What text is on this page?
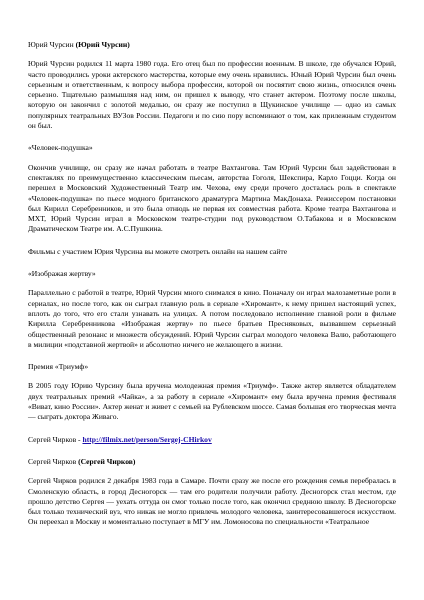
Юрий Чурсин (Юрий Чурсин)

Юрий Чурсин родился 11 марта 1980 года. Его отец был по профессии военным. В школе, где обучался Юрий, часто проводились уроки актерского мастерства, которые ему очень нравились. Юный Юрий Чурсин был очень серьезным и ответственным, к вопросу выбора профессии, которой он посвятит свою жизнь, относился очень серьезно. Тщательно размышляя над ним, он пришел к выводу, что станет актером. Поэтому после школы, которую он закончил с золотой медалью, он сразу же поступил в Щукинское училище — одно из самых популярных театральных ВУЗов России. Педагоги и по сию пору вспоминают о том, как прилежным студентом он был.

«Человек-подушка»

Окончив училище, он сразу же начал работать в театре Вахтангова. Там Юрий Чурсин был задействован в спектаклях по преимущественно классическим пьесам, авторства Гоголя, Шекспира, Карло Гоцци. Когда он перешел в Московский Художественный Театр им. Чехова, ему среди прочего досталась роль в спектакле «Человек-подушка» по пьесе модного британского драматурга Мартина МакДонаха. Режиссером постановки был Кирилл Серебренников, и это была отнюдь не первая их совместная работа. Кроме театра Вахтангова и МХТ, Юрий Чурсин играл в Московском театре-студии под руководством О.Табакова и в Московском Драматическом Театре им. А.С.Пушкина.

Фильмы с участием Юрия Чурсина вы можете смотреть онлайн на нашем сайте

«Изображая жертву»

Параллельно с работой в театре, Юрий Чурсин много снимался в кино. Поначалу он играл малозаметные роли в сериалах, но после того, как он сыграл главную роль в сериале «Хиромант», к нему пришел настоящий успех, вплоть до того, что его стали узнавать на улицах. А потом последовало исполнение главной роли в фильме Кирилла Серебренникова «Изображая жертву» по пьесе братьев Пресняковых, вызвавшем серьезный общественный резонанс и множеств обсуждений. Юрий Чурсин сыграл молодого человека Валю, работающего в милиции «подставной жертвой» и абсолютно ничего не желающего в жизни.

Премия «Триумф»

В 2005 году Юрию Чурсину была вручена молодежная премия «Триумф». Также актер является обладателем двух театральных премий «Чайка», а за работу в сериале «Хиромант» ему была вручена премия фестиваля «Виват, кино России». Актер женат и живет с семьей на Рублевском шоссе. Самая большая его творческая мечта — сыграть доктора Живаго.

Сергей Чирков - http://filmix.net/person/Sergej-CHirkov

Сергей Чирков (Сергей Чирков)

Сергей Чирков родился 2 декабря 1983 года в Самаре. Почти сразу же после его рождения семья перебралась в Смоленскую область, в город Десногорск — там его родители получили работу. Десногорск стал местом, где прошло детство Сергея — уехать оттуда он смог только после того, как окончил среднюю школу. В Десногорске был только технический вуз, что никак не могло привлечь молодого человека, заинтересовавшегося искусством. Он переехал в Москву и моментально поступает в МГУ им. Ломоносова по специальности «Театральное
